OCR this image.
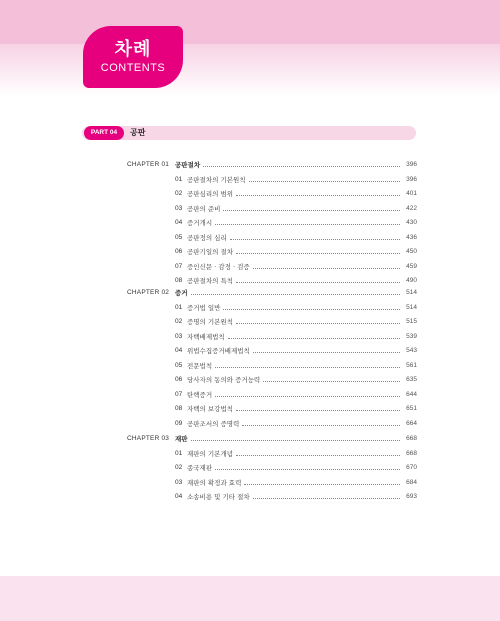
차례
CONTENTS
PART 04	공판
CHAPTER 01 공판절차	396
01 공판절차의 기본원칙	396
02 공판심리의 범위	401
03 공판의 준비	422
04 증거개시	430
05 공판정의 심리	436
06 공판기일의 절차	450
07 증인신문 · 감정 · 검증	459
08 공판절차의 특칙	490
CHAPTER 02 증거	514
01 증거법 일반	514
02 증명의 기본원칙	515
03 자백배제법칙	539
04 위법수집증거배제법칙	543
05 전문법칙	561
06 당사자의 동의와 증거능력	635
07 탄핵증거	644
08 자백의 보강법칙	651
09 공판조서의 증명력	664
CHAPTER 03 재판	668
01 재판의 기본개념	668
02 종국재판	670
03 재판의 확정과 효력	684
04 소송비용 및 기타 절차	693
